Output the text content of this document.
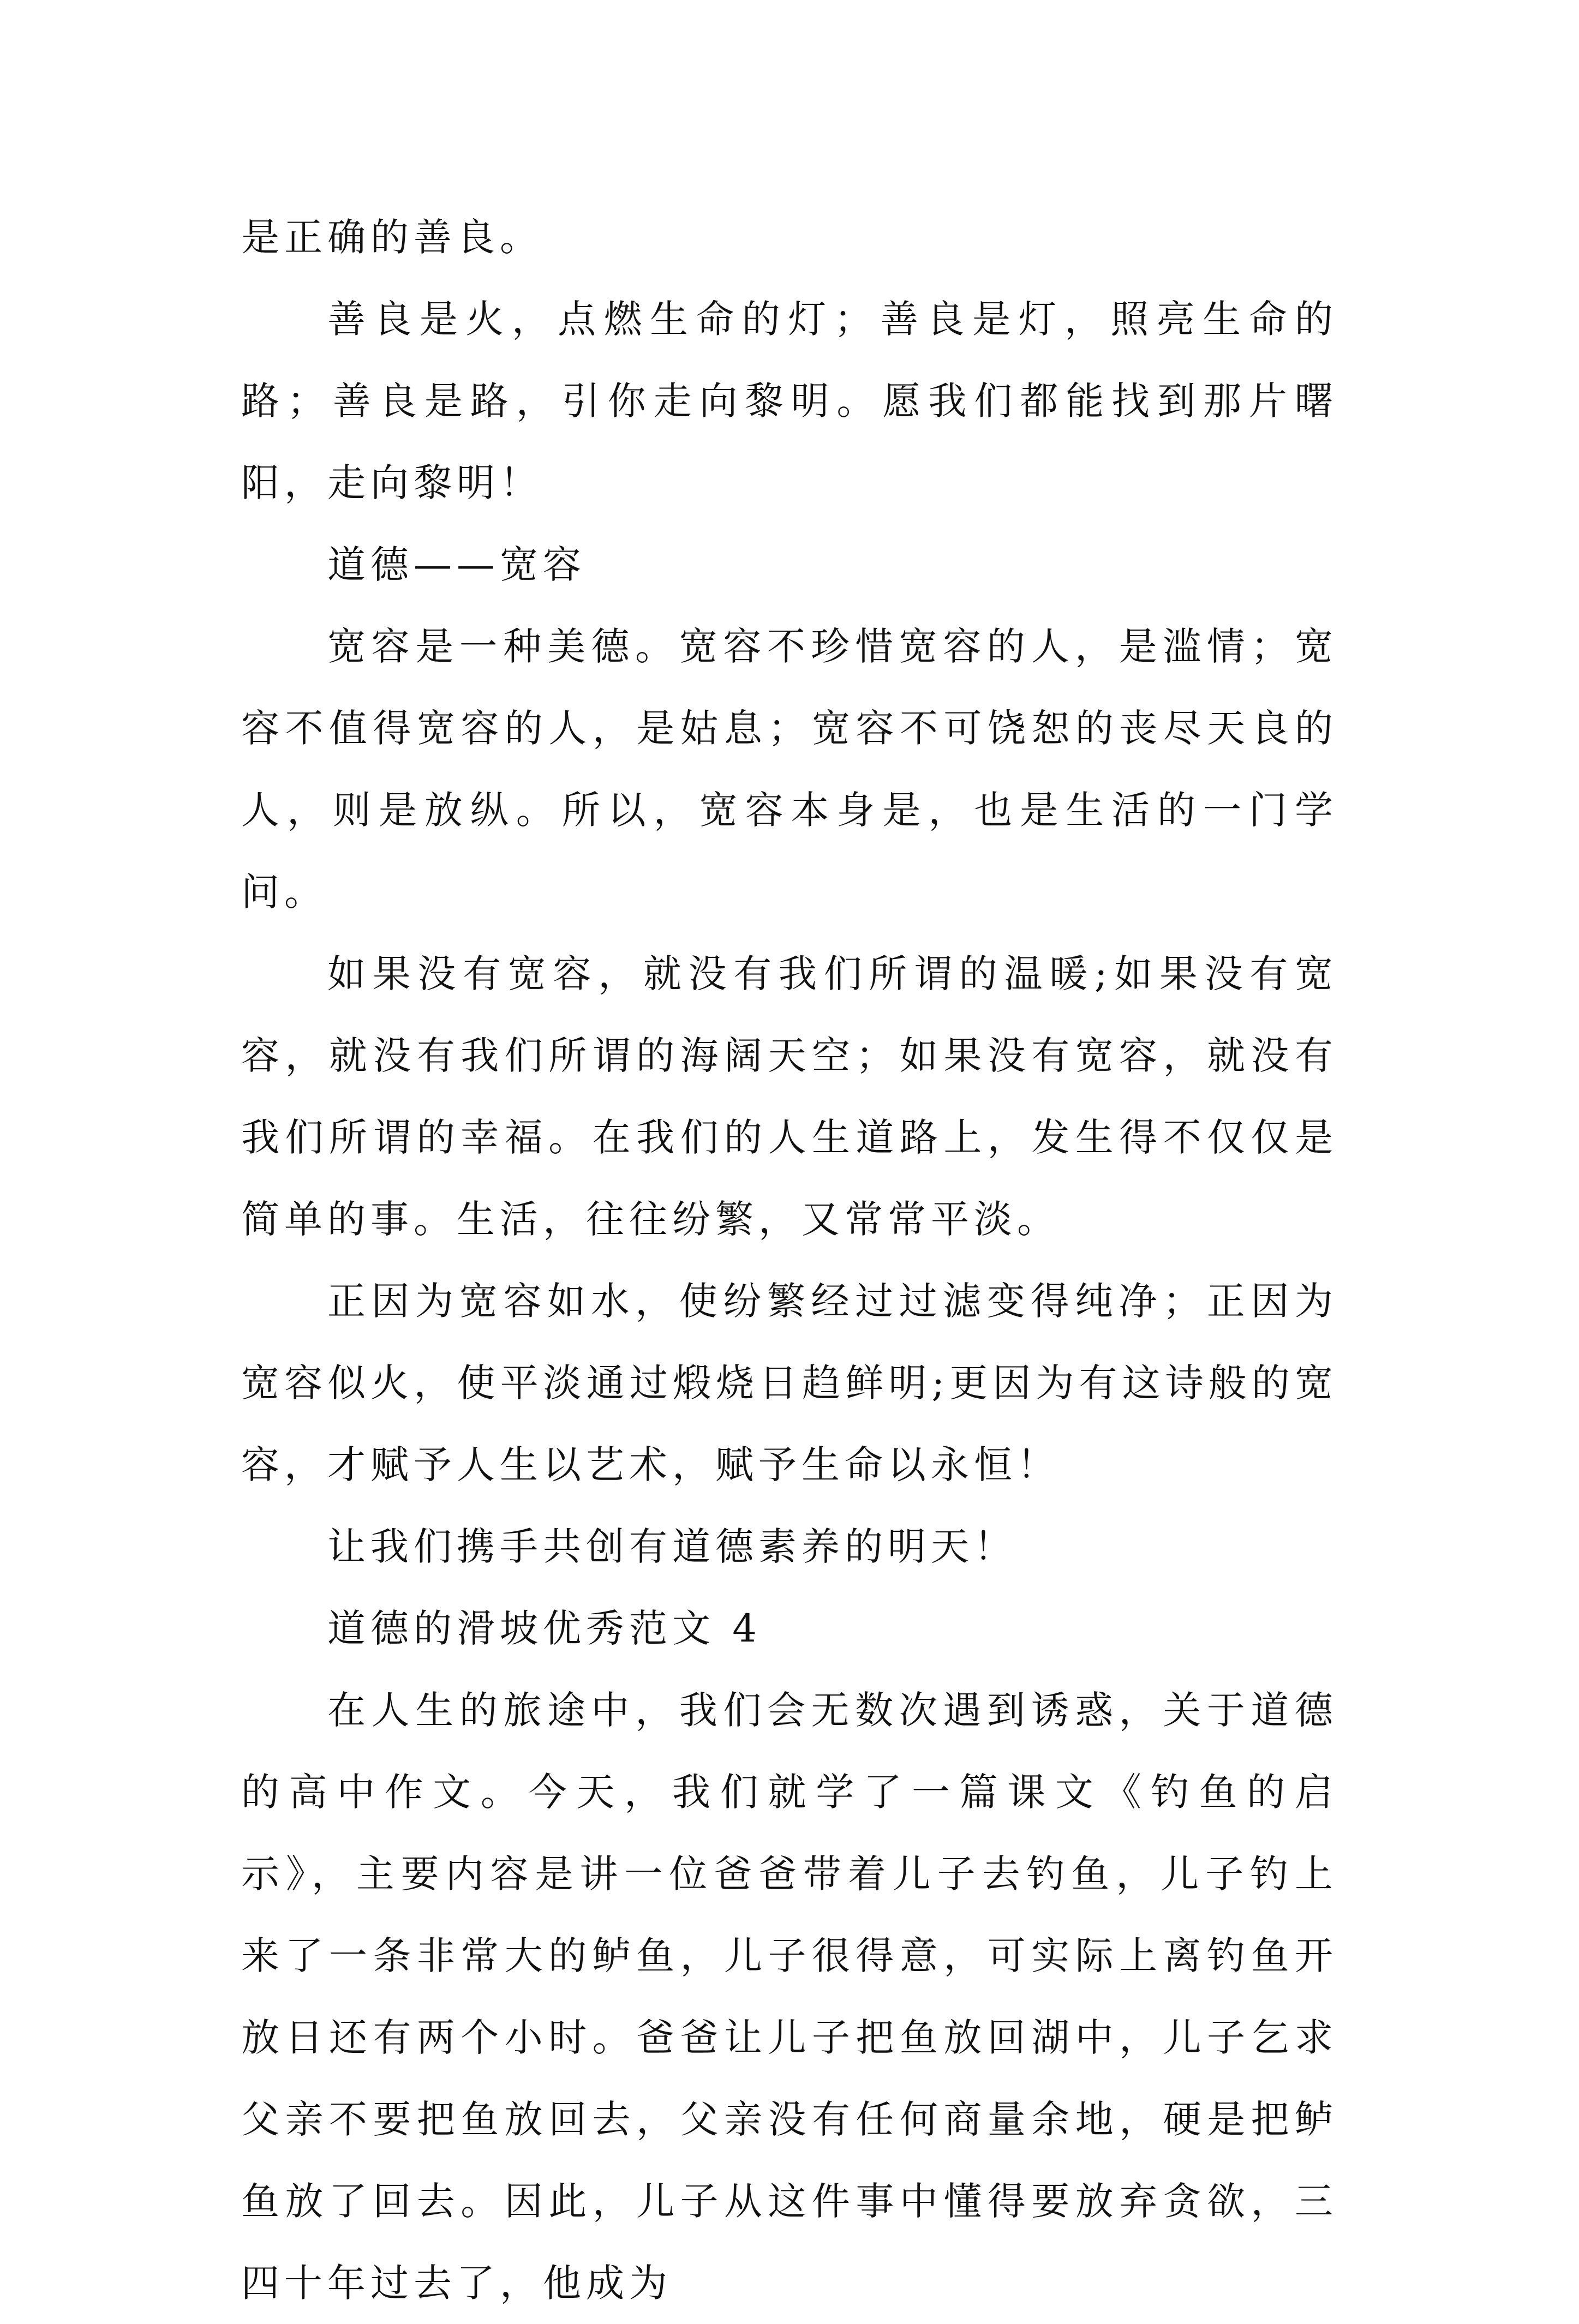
是正确的善良。

善良是火，点燃生命的灯；善良是灯，照亮生命的路；善良是路，引你走向黎明。愿我们都能找到那片曙阳，走向黎明！

道德——宽容

宽容是一种美德。宽容不珍惜宽容的人，是滥情；宽容不值得宽容的人，是姑息；宽容不可饶恕的丧尽天良的人，则是放纵。所以，宽容本身是，也是生活的一门学问。

如果没有宽容，就没有我们所谓的温暖;如果没有宽容，就没有我们所谓的海阔天空；如果没有宽容，就没有我们所谓的幸福。在我们的人生道路上，发生得不仅仅是简单的事。生活，往往纷繁，又常常平淡。

正因为宽容如水，使纷繁经过过滤变得纯净；正因为宽容似火，使平淡通过煅烧日趋鲜明;更因为有这诗般的宽容，才赋予人生以艺术，赋予生命以永恒！

让我们携手共创有道德素养的明天！

道德的滑坡优秀范文 4

在人生的旅途中，我们会无数次遇到诱惑，关于道德的高中作文。今天，我们就学了一篇课文《钓鱼的启示》，主要内容是讲一位爸爸带着儿子去钓鱼，儿子钓上来了一条非常大的鲈鱼，儿子很得意，可实际上离钓鱼开放日还有两个小时。爸爸让儿子把鱼放回湖中，儿子乞求父亲不要把鱼放回去，父亲没有任何商量余地，硬是把鲈鱼放了回去。因此，儿子从这件事中懂得要放弃贪欲，三四十年过去了，他成为
